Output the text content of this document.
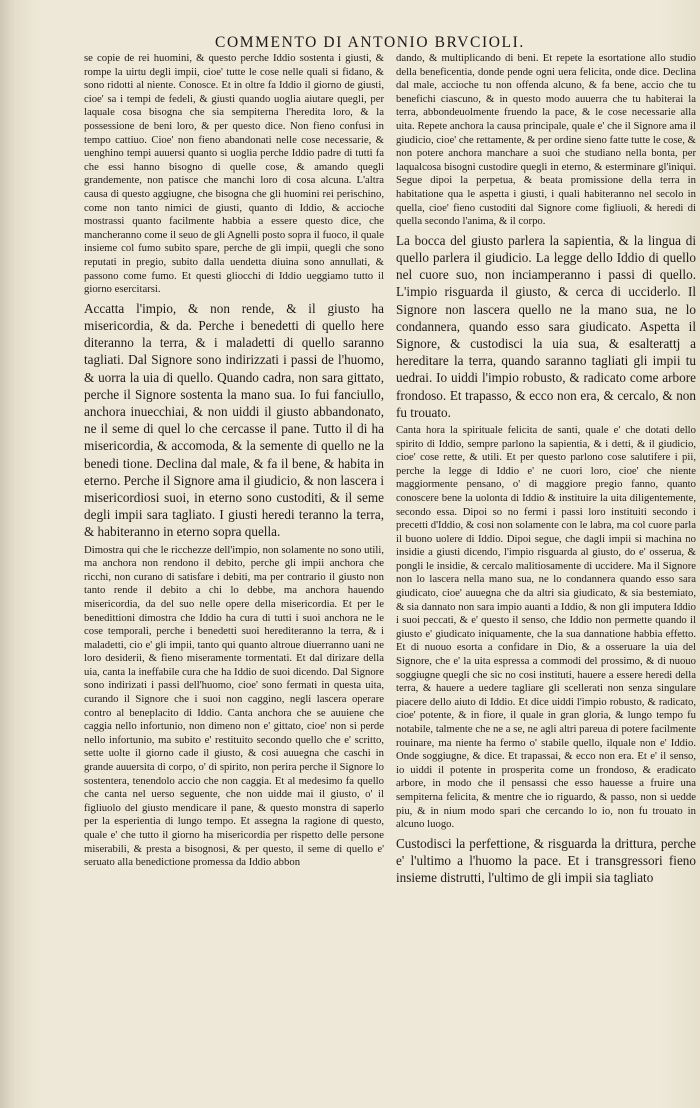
COMMENTO DI ANTONIO BRVCIOLI.

se copie de rei huomini, & questo perche Iddio sostenta i giusti, & rompe la uirtu degli impii, cioe' tutte le cose nelle quali si fidano, & sono ridotti al niente. Conosce. Et in oltre fa Iddio il giorno de giusti, cioe' sa i tempi de fedeli, & giusti quando uoglia aiutare quegli, per laquale cosa bisogna che sia sempiterna l'heredita loro, & la possessione de beni loro, & per questo dice. Non fieno confusi in tempo cattiuo. Cioe' non fieno abandonati nelle cose necessarie, & uenghino tempi auuersi quanto si uoglia perche Iddio padre di tutti fa che essi hanno bisogno di quelle cose, & amando quegli grandemente, non patisce che manchi loro di cosa alcuna. L'altra causa di questo aggiugne, che bisogna che gli huomini rei perischino, come non tanto nimici de giusti, quanto di Iddio, & accioche mostrassi quanto facilmente habbia a essere questo dice, che mancheranno come il seuo de gli Agnelli posto sopra il fuoco, il quale insieme col fumo subito spare, perche de gli impii, quegli che sono reputati in pregio, subito dalla uendetta diuina sono annullati, & passono come fumo. Et questi gliocchi di Iddio ueggiamo tutto il giorno esercitarsi.

Accatta l'impio, & non rende, & il giusto ha misericordia, & da. Perche i benedetti di quello here diteranno la terra, & i maladetti di quello saranno tagliati. Dal Signore sono indirizzati i passi de l'huomo, & uorra la uia di quello. Quando cadra, non sara gittato, perche il Signore sostenta la mano sua. Io fui fanciullo, anchora inuecchiai, & non uiddi il giusto abbandonato, ne il seme di quel lo che cercasse il pane. Tutto il di ha misericordia, & accomoda, & la semente di quello ne la benedi tione. Declina dal male, & fa il bene, & habita in eterno. Perche il Signore ama il giudicio, & non lascera i misericordiosi suoi, in eterno sono custoditi, & il seme degli impii sara tagliato. I giusti heredi teranno la terra, & habiteranno in eterno sopra quella.

Dimostra qui che le ricchezze dell'impio, non solamente no sono utili, ma anchora non rendono il debito, perche gli impii anchora che ricchi, non curano di satisfare i debiti, ma per contrario il giusto non tanto rende il debito a chi lo debbe, ma anchora hauendo misericordia, da del suo nelle opere della misericordia. Et per le benedittioni dimostra che Iddio ha cura di tutti i suoi anchora ne le cose temporali, perche i benedetti suoi herediteranno la terra, & i maladetti, cio e' gli impii, tanto qui quanto altroue diuerranno uani ne loro desiderii, & fieno miseramente tormentati. Et dal dirizare della uia, canta la ineffabile cura che ha Iddio de suoi dicendo. Dal Signore sono indirizati i passi dell'huomo, cioe' sono fermati in questa uita, curando il Signore che i suoi non caggino, negli lascera operare contro al beneplacito di Iddio. Canta anchora che se auuiene che caggia nello infortunio, non dimeno non e' gittato, cioe' non si perde nello infortunio, ma subito e' restituito secondo quello che e' scritto, sette uolte il giorno cade il giusto, & cosi auuegna che caschi in grande auuersita di corpo, o' di spirito, non perira perche il Signore lo sostentera, tenendolo accio che non caggia. Et al medesimo fa quello che canta nel uerso seguente, che non uidde mai il giusto, o' il figliuolo del giusto mendicare il pane, & questo monstra di saperlo per la esperientia di lungo tempo. Et assegna la ragione di questo, quale e' che tutto il giorno ha misericordia per rispetto delle persone miserabili, & presta a bisognosi, & per questo, il seme di quello e' seruato alla benedictione promessa da Iddio abbon

dando, & multiplicando di beni. Et repete la esortatione allo studio della beneficentia, donde pende ogni uera felicita, onde dice. Declina dal male, accioche tu non offenda alcuno, & fa bene, accio che tu benefichi ciascuno, & in questo modo auuerra che tu habiterai la terra, abbondeuolmente fruendo la pace, & le cose necessarie alla uita. Repete anchora la causa principale, quale e' che il Signore ama il giudicio, cioe' che rettamente, & per ordine sieno fatte tutte le cose, & non potere anchora manchare a suoi che studiano nella bonta, per laqualcosa bisogni custodire quegli in eterno, & esterminare gl'iniqui. Segue dipoi la perpetua, & beata promissione della terra in habitatione qua le aspetta i giusti, i quali habiteranno nel secolo in quella, cioe' fieno custoditi dal Signore come figliuoli, & heredi di quella secondo l'anima, & il corpo.

La bocca del giusto parlera la sapientia, & la lingua di quello parlera il giudicio. La legge dello Iddio di quello nel cuore suo, non inciamperanno i passi di quello. L'impio risguarda il giusto, & cerca di ucciderlo. Il Signore non lascera quello ne la mano sua, ne lo condannera, quando esso sara giudicato. Aspetta il Signore, & custodisci la uia sua, & esalterattj a hereditare la terra, quando saranno tagliati gli impii tu uedrai. Io uiddi l'impio robusto, & radicato come arbore frondoso. Et trapasso, & ecco non era, & cercalo, & non fu trouato.

Canta hora la spirituale felicita de santi, quale e' che dotati dello spirito di Iddio, sempre parlono la sapientia, & i detti, & il giudicio, cioe' cose rette, & utili. Et per questo parlono cose salutifere i pii, perche la legge di Iddio e' ne cuori loro, cioe' che niente maggiormente pensano, o' di maggiore pregio fanno, quanto conoscere bene la uolonta di Iddio & instituire la uita diligentemente, secondo essa. Dipoi so no fermi i passi loro instituiti secondo i precetti d'Iddio, & cosi non solamente con le labra, ma col cuore parla il buono uolere di Iddio. Dipoi segue, che dagli impii si machina no insidie a giusti dicendo, l'impio risguarda al giusto, do e' osserua, & pongli le insidie, & cercalo malitiosamente di uccidere. Ma il Signore non lo lascera nella mano sua, ne lo condannera quando esso sara giudicato, cioe' auuegna che da altri sia giudicato, & sia bestemiato, & sia dannato non sara impio auanti a Iddio, & non gli imputera Iddio i suoi peccati, & e' questo il senso, che Iddio non permette quando il giusto e' giudicato iniquamente, che la sua dannatione habbia effetto. Et di nuouo esorta a confidare in Dio, & a osseruare la uia del Signore, che e' la uita espressa a commodi del prossimo, & di nuouo soggiugne quegli che sic no cosi instituti, hauere a essere heredi della terra, & hauere a uedere tagliare gli scellerati non senza singulare piacere dello aiuto di Iddio. Et dice uiddi l'impio robusto, & radicato, cioe' potente, & in fiore, il quale in gran gloria, & lungo tempo fu notabile, talmente che ne a se, ne agli altri pareua di potere facilmente rouinare, ma niente ha fermo o' stabile quello, ilquale non e' Iddio. Onde soggiugne, & dice. Et trapassai, & ecco non era. Et e' il senso, io uiddi il potente in prosperita come un frondoso, & eradicato arbore, in modo che il pensassi che esso hauesse a fruire una sempiterna felicita, & mentre che io riguardo, & passo, non si uedde piu, & in nium modo spari che cercando lo io, non fu trouato in alcuno luogo.

Custodisci la perfettione, & risguarda la drittura, perche e' l'ultimo a l'huomo la pace. Et i transgressori fieno insieme distrutti, l'ultimo de gli impii sia tagliato
